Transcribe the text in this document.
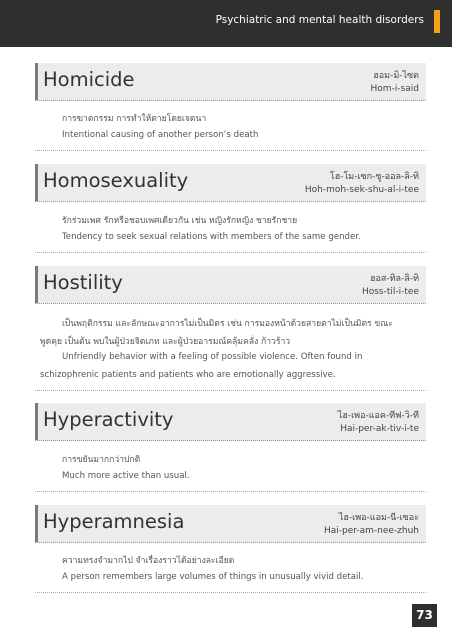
Psychiatric and mental health disorders
Homicide	ฮอม-มิ-ไซด
Hom-i-said
การฆาตกรรม การทำให้ตายโดยเจตนา
Intentional causing of another person’s death
Homosexuality	โฮ-โม-เซก-ชู-ออล-ลิ-ทิ
Hoh-moh-sek-shu-al-i-tee
รักร่วมเพศ รักหรือชอบเพศเดียวกัน เช่น หญิงรักหญิง ชายรักชาย
Tendency to seek sexual relations with members of the same gender.
Hostility	ฮอส-ทิล-ลิ-ทิ
Hoss-til-i-tee
เป็นพฤติกรรม และลักษณะอาการไม่เป็นมิตร เช่น การมองหน้าด้วยสายตาไม่เป็นมิตร ขณะ
พูดคุย เป็นต้น พบในผู้ป่วยจิตเภท และผู้ป่วยอารมณ์คลุ้มคลั่ง ก้าวร้าว
Unfriendly behavior with a feeling of possible violence. Often found in
schizophrenic patients and patients who are emotionally aggressive.
Hyperactivity	ไฮ-เพอ-แอค-ทีฟ-วิ-ที
Hai-per-ak-tiv-i-te
การขยันมากกว่าปกติ
Much more active than usual.
Hyperamnesia	ไฮ-เพอ-แอม-นี-เซอะ
Hai-per-am-nee-zhuh
ความทรงจำมากไป จำเรื่องราวได้อย่างละเอียด
A person remembers large volumes of things in unusually vivid detail.
73
